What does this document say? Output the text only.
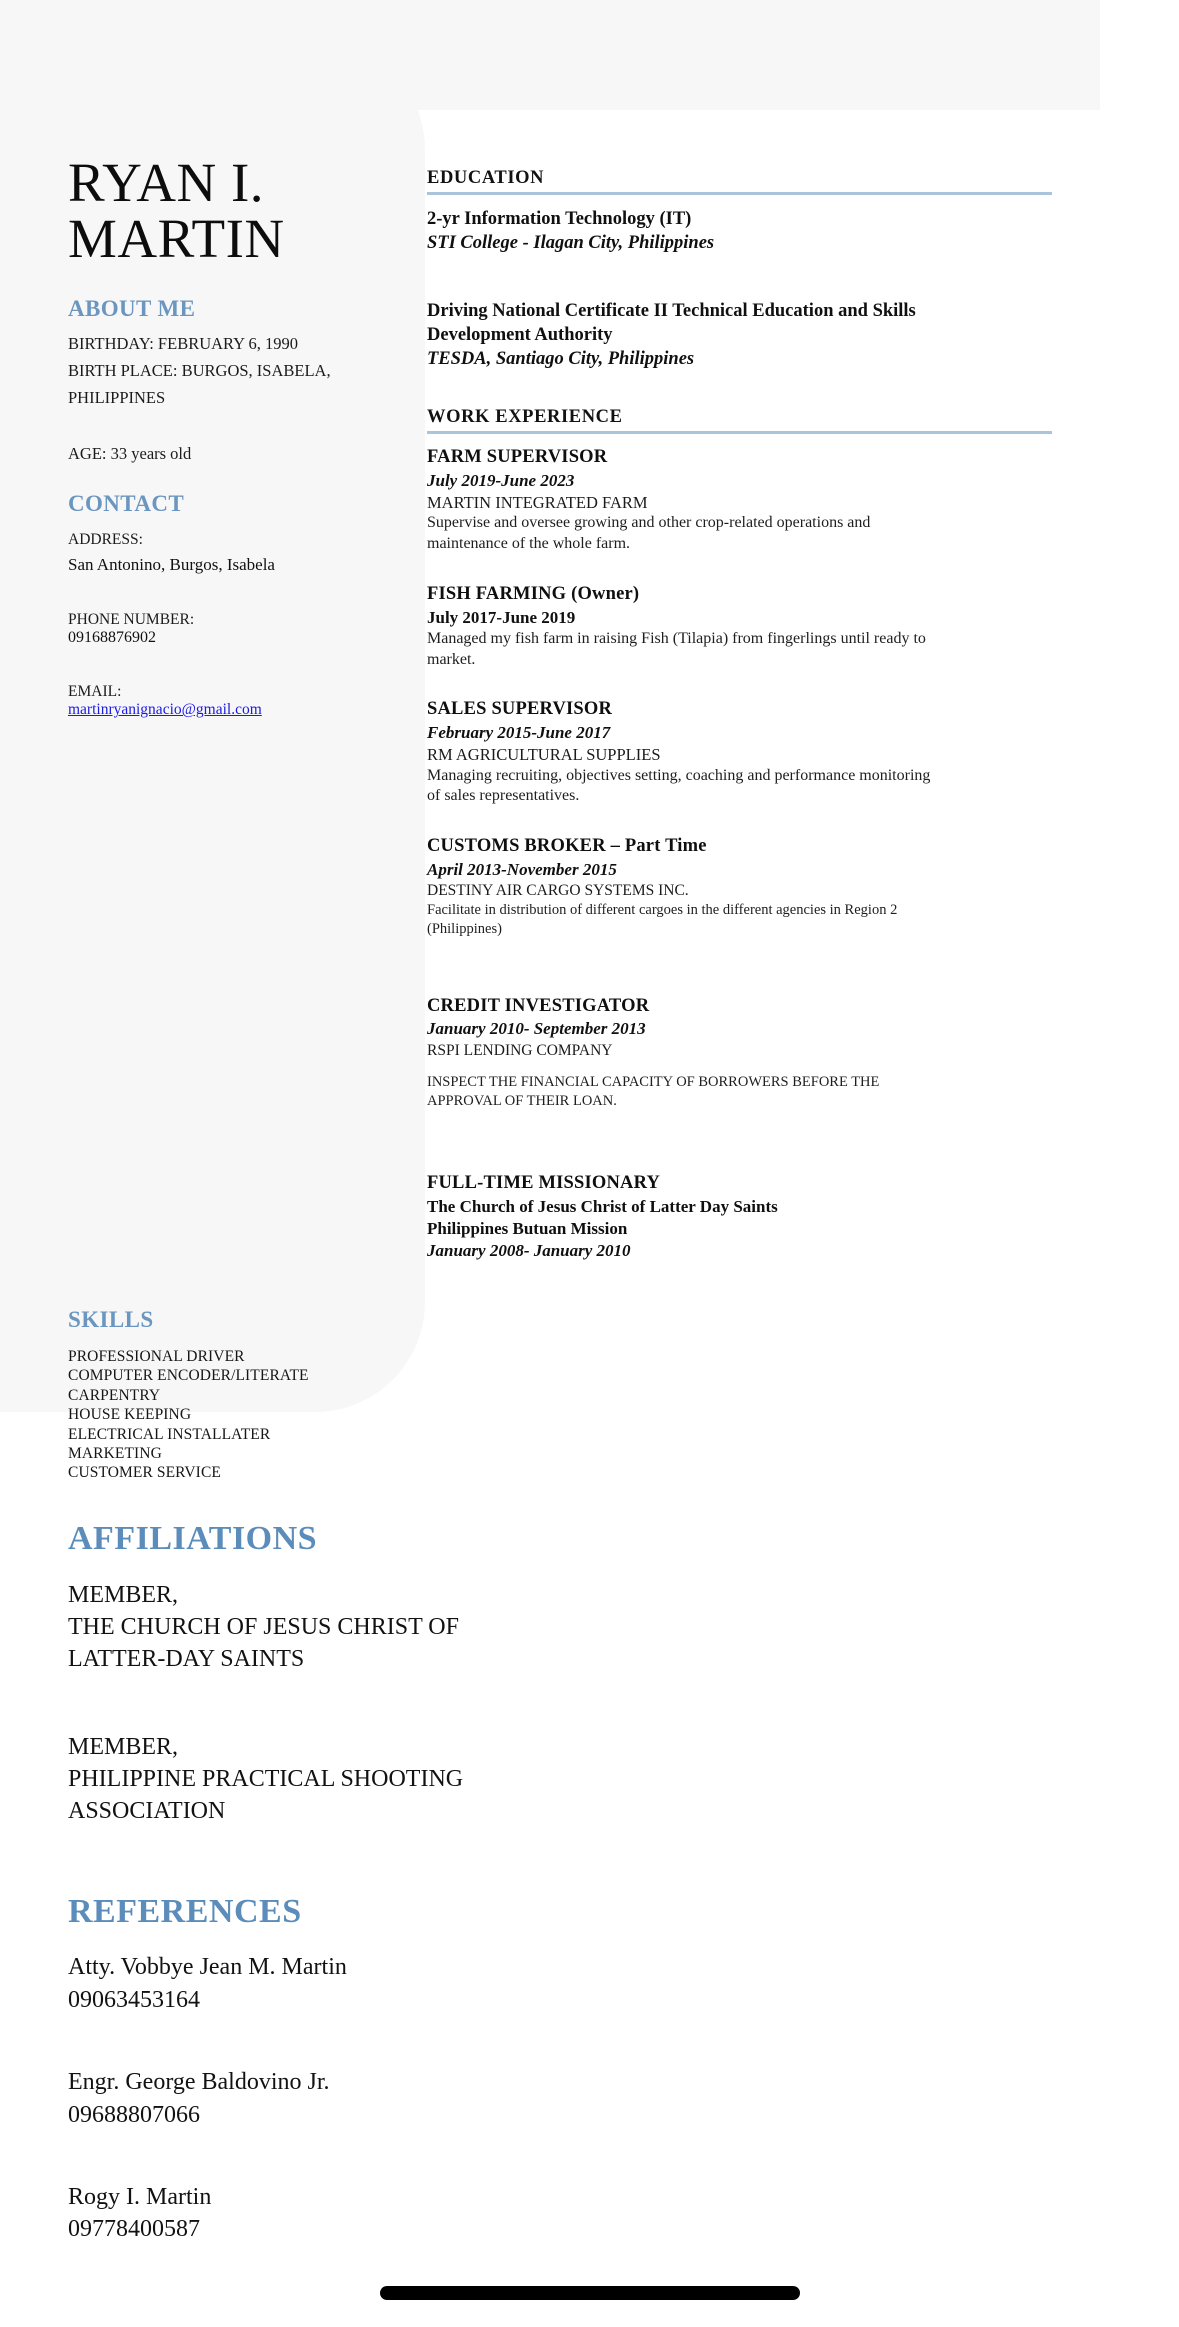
RYAN I.
MARTIN
ABOUT ME
BIRTHDAY: FEBRUARY 6, 1990
BIRTH PLACE: BURGOS, ISABELA,
PHILIPPINES
AGE: 33 years old
CONTACT
ADDRESS:
San Antonino, Burgos, Isabela
PHONE NUMBER:
09168876902
EMAIL:
martinryanignacio@gmail.com
SKILLS
PROFESSIONAL DRIVER
COMPUTER ENCODER/LITERATE
CARPENTRY
HOUSE KEEPING
ELECTRICAL INSTALLATER
MARKETING
CUSTOMER SERVICE
EDUCATION
2-yr Information Technology (IT)
STI College - Ilagan City, Philippines
Driving National Certificate II Technical Education and Skills
Development Authority
TESDA, Santiago City, Philippines
WORK EXPERIENCE
FARM SUPERVISOR
July 2019-June 2023
MARTIN INTEGRATED FARM
Supervise and oversee growing and other crop-related operations and
maintenance of the whole farm.
FISH FARMING (Owner)
July 2017-June 2019
Managed my fish farm in raising Fish (Tilapia) from fingerlings until ready to
market.
SALES SUPERVISOR
February 2015-June 2017
RM AGRICULTURAL SUPPLIES
Managing recruiting, objectives setting, coaching and performance monitoring
of sales representatives.
CUSTOMS BROKER – Part Time
April 2013-November 2015
DESTINY AIR CARGO SYSTEMS INC.
Facilitate in distribution of different cargoes in the different agencies in Region 2
(Philippines)
CREDIT INVESTIGATOR
January 2010- September 2013
RSPI LENDING COMPANY
INSPECT THE FINANCIAL CAPACITY OF BORROWERS BEFORE THE
APPROVAL OF THEIR LOAN.
FULL-TIME MISSIONARY
The Church of Jesus Christ of Latter Day Saints
Philippines Butuan Mission
January 2008- January 2010
AFFILIATIONS
MEMBER,
THE CHURCH OF JESUS CHRIST OF
LATTER-DAY SAINTS
MEMBER,
PHILIPPINE PRACTICAL SHOOTING
ASSOCIATION
REFERENCES
Atty. Vobbye Jean M. Martin
09063453164
Engr. George Baldovino Jr.
09688807066
Rogy I. Martin
09778400587
